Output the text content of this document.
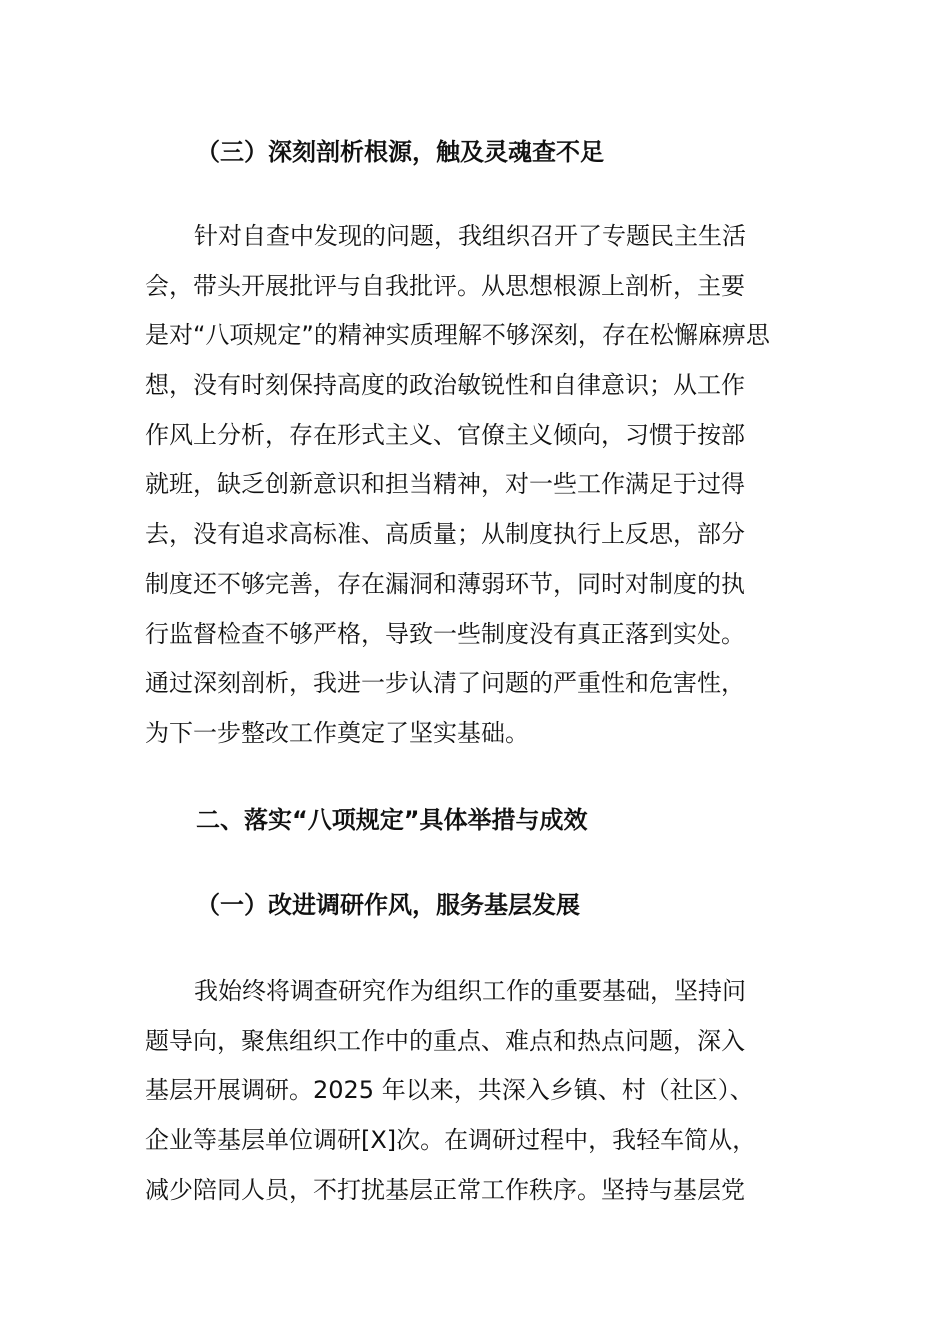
（三）深刻剖析根源，触及灵魂查不足
针对自查中发现的问题，我组织召开了专题民主生活
会，带头开展批评与自我批评。从思想根源上剖析，主要
是对“八项规定”的精神实质理解不够深刻，存在松懈麻痹思
想，没有时刻保持高度的政治敏锐性和自律意识；从工作
作风上分析，存在形式主义、官僚主义倾向，习惯于按部
就班，缺乏创新意识和担当精神，对一些工作满足于过得
去，没有追求高标准、高质量；从制度执行上反思，部分
制度还不够完善，存在漏洞和薄弱环节，同时对制度的执
行监督检查不够严格，导致一些制度没有真正落到实处。
通过深刻剖析，我进一步认清了问题的严重性和危害性，
为下一步整改工作奠定了坚实基础。
二、落实“八项规定”具体举措与成效
（一）改进调研作风，服务基层发展
我始终将调查研究作为组织工作的重要基础，坚持问
题导向，聚焦组织工作中的重点、难点和热点问题，深入
基层开展调研。2025 年以来，共深入乡镇、村（社区）、
企业等基层单位调研[X]次。在调研过程中，我轻车简从，
减少陪同人员，不打扰基层正常工作秩序。坚持与基层党
